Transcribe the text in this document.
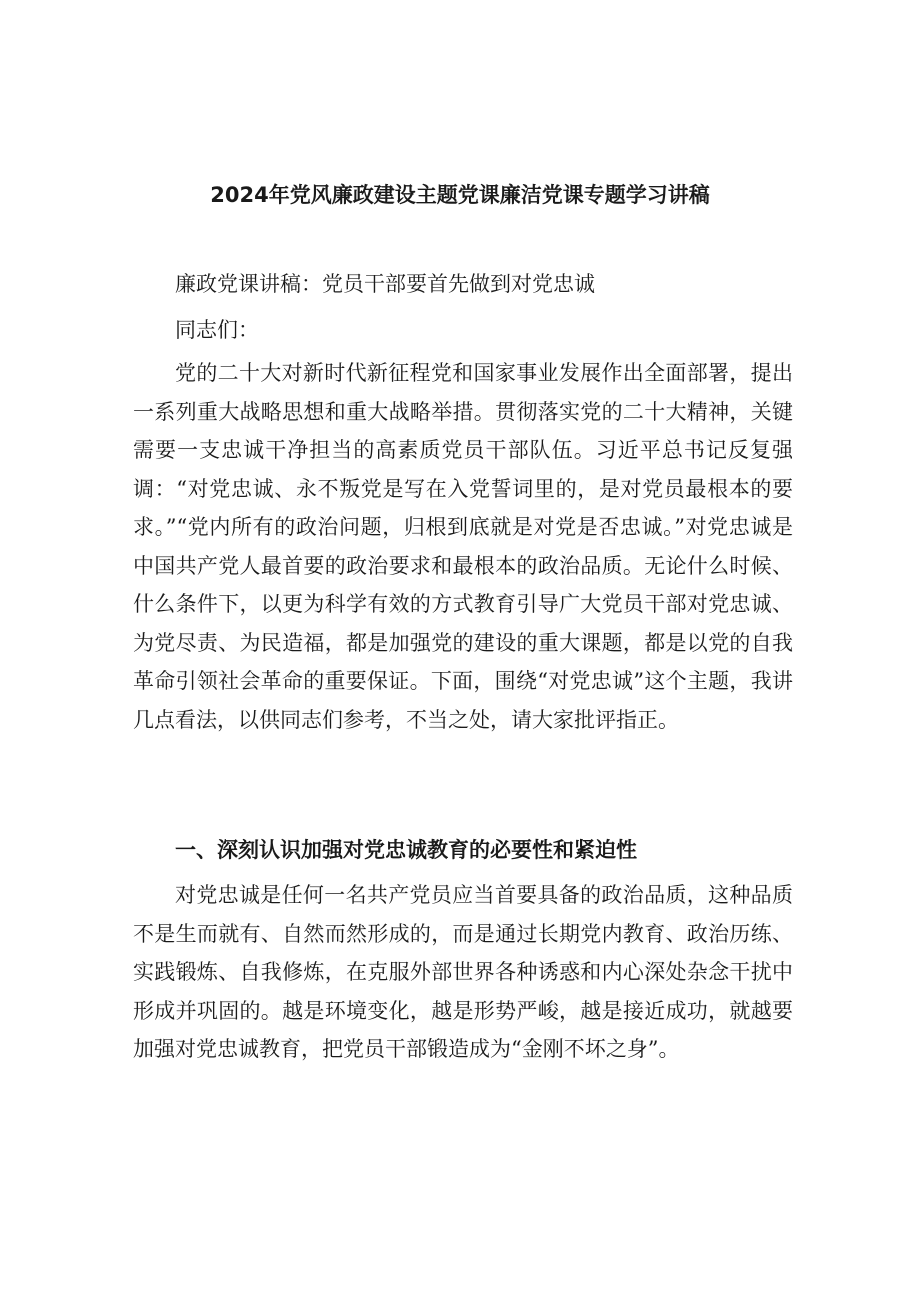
2024年党风廉政建设主题党课廉洁党课专题学习讲稿

廉政党课讲稿：党员干部要首先做到对党忠诚

同志们：

党的二十大对新时代新征程党和国家事业发展作出全面部署，提出一系列重大战略思想和重大战略举措。贯彻落实党的二十大精神，关键需要一支忠诚干净担当的高素质党员干部队伍。习近平总书记反复强调：“对党忠诚、永不叛党是写在入党誓词里的，是对党员最根本的要求。”“党内所有的政治问题，归根到底就是对党是否忠诚。”对党忠诚是中国共产党人最首要的政治要求和最根本的政治品质。无论什么时候、什么条件下，以更为科学有效的方式教育引导广大党员干部对党忠诚、为党尽责、为民造福，都是加强党的建设的重大课题，都是以党的自我革命引领社会革命的重要保证。下面，围绕“对党忠诚”这个主题，我讲几点看法，以供同志们参考，不当之处，请大家批评指正。

一、深刻认识加强对党忠诚教育的必要性和紧迫性

对党忠诚是任何一名共产党员应当首要具备的政治品质，这种品质不是生而就有、自然而然形成的，而是通过长期党内教育、政治历练、实践锻炼、自我修炼，在克服外部世界各种诱惑和内心深处杂念干扰中形成并巩固的。越是环境变化，越是形势严峻，越是接近成功，就越要加强对党忠诚教育，把党员干部锻造成为“金刚不坏之身”。
